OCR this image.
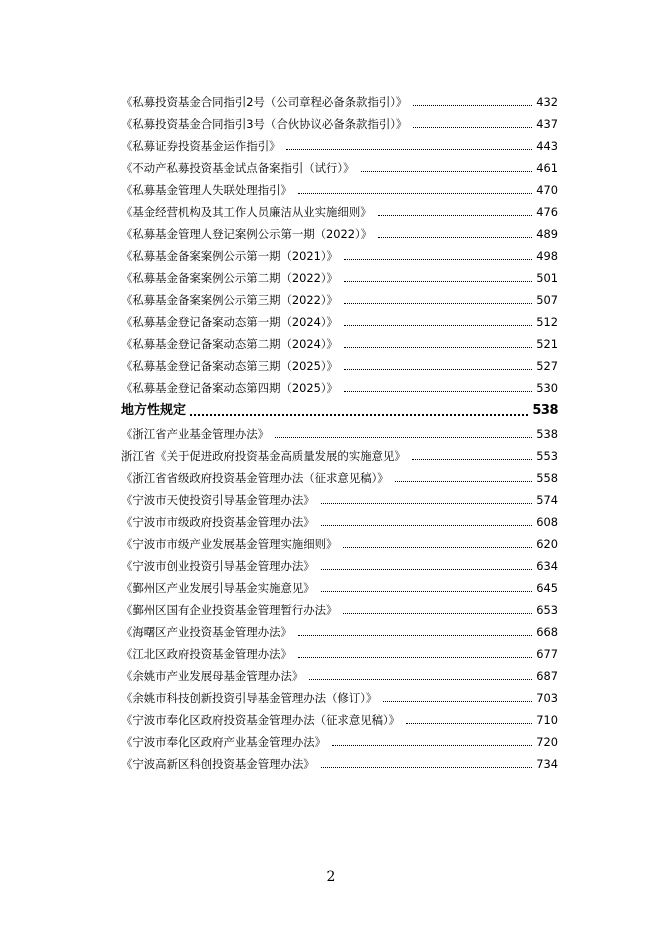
《私募投资基金合同指引2号（公司章程必备条款指引）》	432
《私募投资基金合同指引3号（合伙协议必备条款指引）》	437
《私募证券投资基金运作指引》	443
《不动产私募投资基金试点备案指引（试行）》	461
《私募基金管理人失联处理指引》	470
《基金经营机构及其工作人员廉洁从业实施细则》	476
《私募基金管理人登记案例公示第一期（2022）》	489
《私募基金备案案例公示第一期（2021）》	498
《私募基金备案案例公示第二期（2022）》	501
《私募基金备案案例公示第三期（2022）》	507
《私募基金登记备案动态第一期（2024）》	512
《私募基金登记备案动态第二期（2024）》	521
《私募基金登记备案动态第三期（2025）》	527
《私募基金登记备案动态第四期（2025）》	530
地方性规定	538
《浙江省产业基金管理办法》	538
浙江省《关于促进政府投资基金高质量发展的实施意见》	553
《浙江省省级政府投资基金管理办法（征求意见稿）》	558
《宁波市天使投资引导基金管理办法》	574
《宁波市市级政府投资基金管理办法》	608
《宁波市市级产业发展基金管理实施细则》	620
《宁波市创业投资引导基金管理办法》	634
《鄞州区产业发展引导基金实施意见》	645
《鄞州区国有企业投资基金管理暂行办法》	653
《海曙区产业投资基金管理办法》	668
《江北区政府投资基金管理办法》	677
《余姚市产业发展母基金管理办法》	687
《余姚市科技创新投资引导基金管理办法（修订）》	703
《宁波市奉化区政府投资基金管理办法（征求意见稿）》	710
《宁波市奉化区政府产业基金管理办法》	720
《宁波高新区科创投资基金管理办法》	734
2
